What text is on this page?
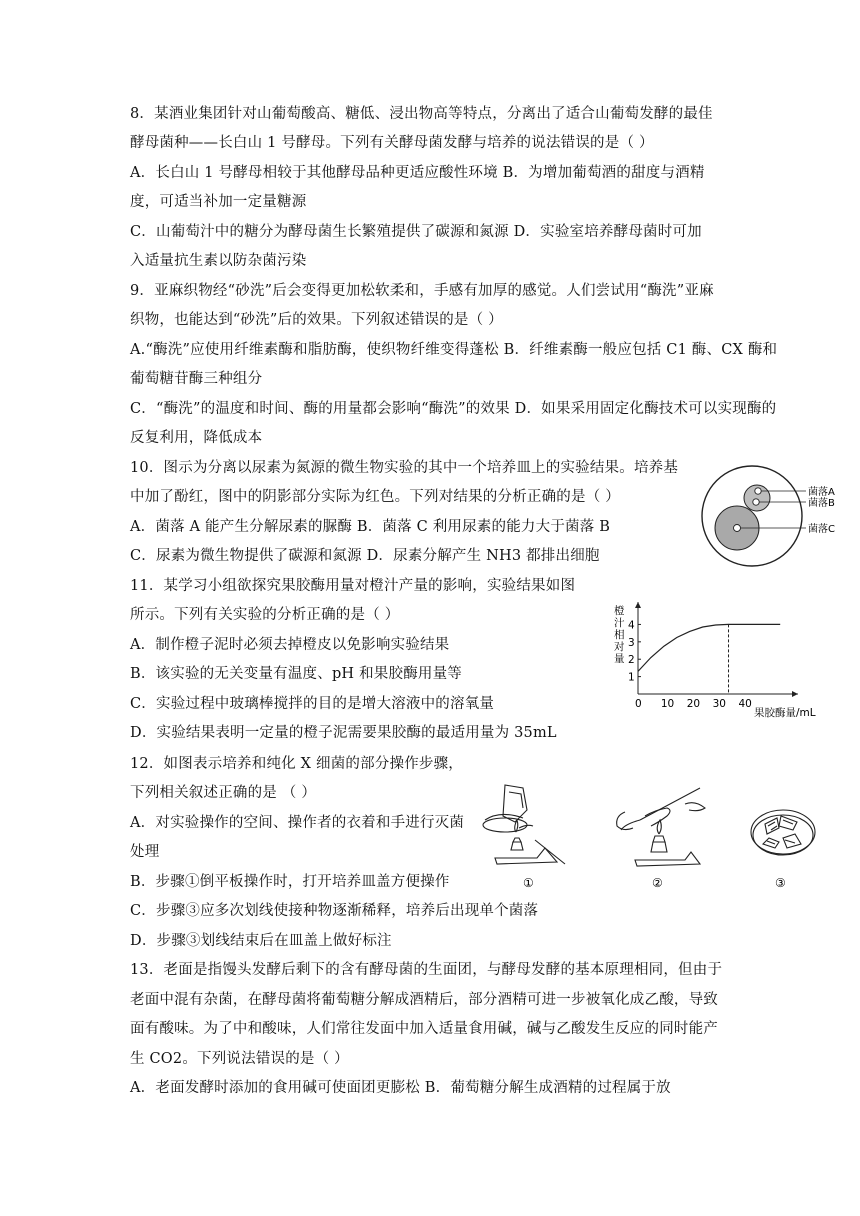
8．某酒业集团针对山葡萄酸高、糖低、浸出物高等特点，分离出了适合山葡萄发酵的最佳
酵母菌种——长白山 1 号酵母。下列有关酵母菌发酵与培养的说法错误的是（ ）
A．长白山 1 号酵母相较于其他酵母品种更适应酸性环境 B．为增加葡萄酒的甜度与酒精
度，可适当补加一定量糖源
C．山葡萄汁中的糖分为酵母菌生长繁殖提供了碳源和氮源 D．实验室培养酵母菌时可加
入适量抗生素以防杂菌污染
9．亚麻织物经“砂洗”后会变得更加松软柔和，手感有加厚的感觉。人们尝试用“酶洗”亚麻
织物，也能达到“砂洗”后的效果。下列叙述错误的是（ ）
A.“酶洗”应使用纤维素酶和脂肪酶，使织物纤维变得蓬松 B．纤维素酶一般应包括 C1 酶、CX 酶和
葡萄糖苷酶三种组分
C．“酶洗”的温度和时间、酶的用量都会影响“酶洗”的效果 D．如果采用固定化酶技术可以实现酶的
反复利用，降低成本
10．图示为分离以尿素为氮源的微生物实验的其中一个培养皿上的实验结果。培养基
中加了酚红，图中的阴影部分实际为红色。下列对结果的分析正确的是（ ）
A．菌落 A 能产生分解尿素的脲酶 B．菌落 C 利用尿素的能力大于菌落 B
C．尿素为微生物提供了碳源和氮源 D．尿素分解产生 NH3 都排出细胞
菌落A
菌落B
菌落C
11．某学习小组欲探究果胶酶用量对橙汁产量的影响，实验结果如图
所示。下列有关实验的分析正确的是（ ）
A．制作橙子泥时必须去掉橙皮以免影响实验结果
B．该实验的无关变量有温度、pH 和果胶酶用量等
C．实验过程中玻璃棒搅拌的目的是增大溶液中的溶氧量
D．实验结果表明一定量的橙子泥需要果胶酶的最适用量为 35mL
橙
汁
相
对
量
0 10 20 30 40
1
2
3
4
果胶酶量/mL
12．如图表示培养和纯化 X 细菌的部分操作步骤，
下列相关叙述正确的是 （ ）
A．对实验操作的空间、操作者的衣着和手进行灭菌
处理
B．步骤①倒平板操作时，打开培养皿盖方便操作
C．步骤③应多次划线使接种物逐渐稀释，培养后出现单个菌落
D．步骤③划线结束后在皿盖上做好标注
①	②	③
13．老面是指馒头发酵后剩下的含有酵母菌的生面团，与酵母发酵的基本原理相同，但由于
老面中混有杂菌，在酵母菌将葡萄糖分解成酒精后，部分酒精可进一步被氧化成乙酸，导致
面有酸味。为了中和酸味，人们常往发面中加入适量食用碱，碱与乙酸发生反应的同时能产
生 CO2。下列说法错误的是（ ）
A．老面发酵时添加的食用碱可使面团更膨松 B．葡萄糖分解生成酒精的过程属于放
